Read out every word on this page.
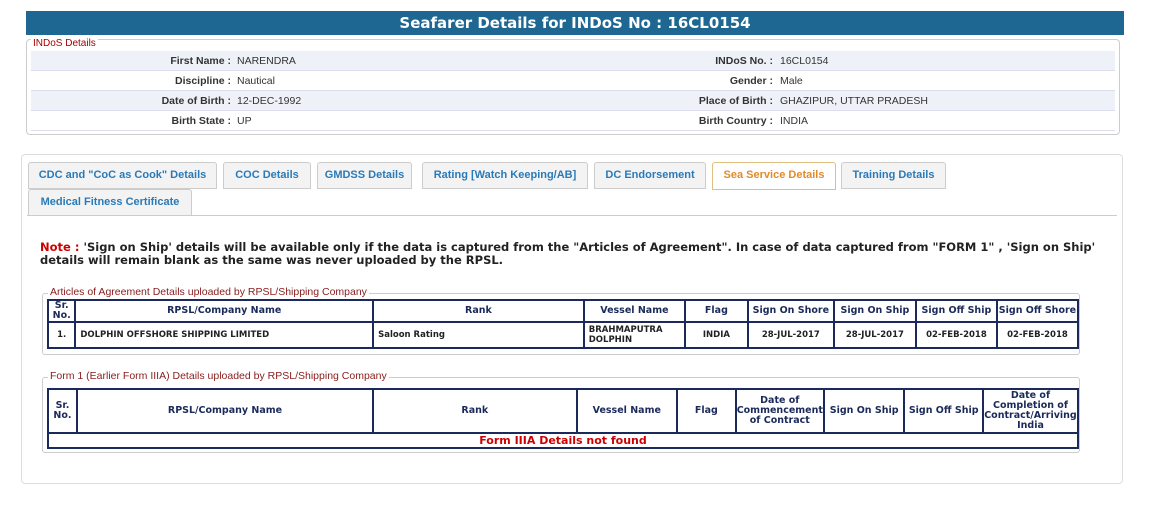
Seafarer Details for INDoS No : 16CL0154
INDoS Details
First Name : NARENDRA	INDoS No. : 16CL0154
Discipline : Nautical	Gender : Male
Date of Birth : 12-DEC-1992	Place of Birth : GHAZIPUR, UTTAR PRADESH
Birth State : UP	Birth Country : INDIA
CDC and "CoC as Cook" Details	COC Details	GMDSS Details	Rating [Watch Keeping/AB]	DC Endorsement	Sea Service Details	Training Details
Medical Fitness Certificate
Note : 'Sign on Ship' details will be available only if the data is captured from the "Articles of Agreement". In case of data captured from "FORM 1" , 'Sign on Ship' details will remain blank as the same was never uploaded by the RPSL.
Articles of Agreement Details uploaded by RPSL/Shipping Company
Sr. No.	RPSL/Company Name	Rank	Vessel Name	Flag	Sign On Shore	Sign On Ship	Sign Off Ship	Sign Off Shore
1.	DOLPHIN OFFSHORE SHIPPING LIMITED	Saloon Rating	BRAHMAPUTRA DOLPHIN	INDIA	28-JUL-2017	28-JUL-2017	02-FEB-2018	02-FEB-2018
Form 1 (Earlier Form IIIA) Details uploaded by RPSL/Shipping Company
Sr. No.	RPSL/Company Name	Rank	Vessel Name	Flag	Date of Commencement of Contract	Sign On Ship	Sign Off Ship	Date of Completion of Contract/Arriving India
Form IIIA Details not found
